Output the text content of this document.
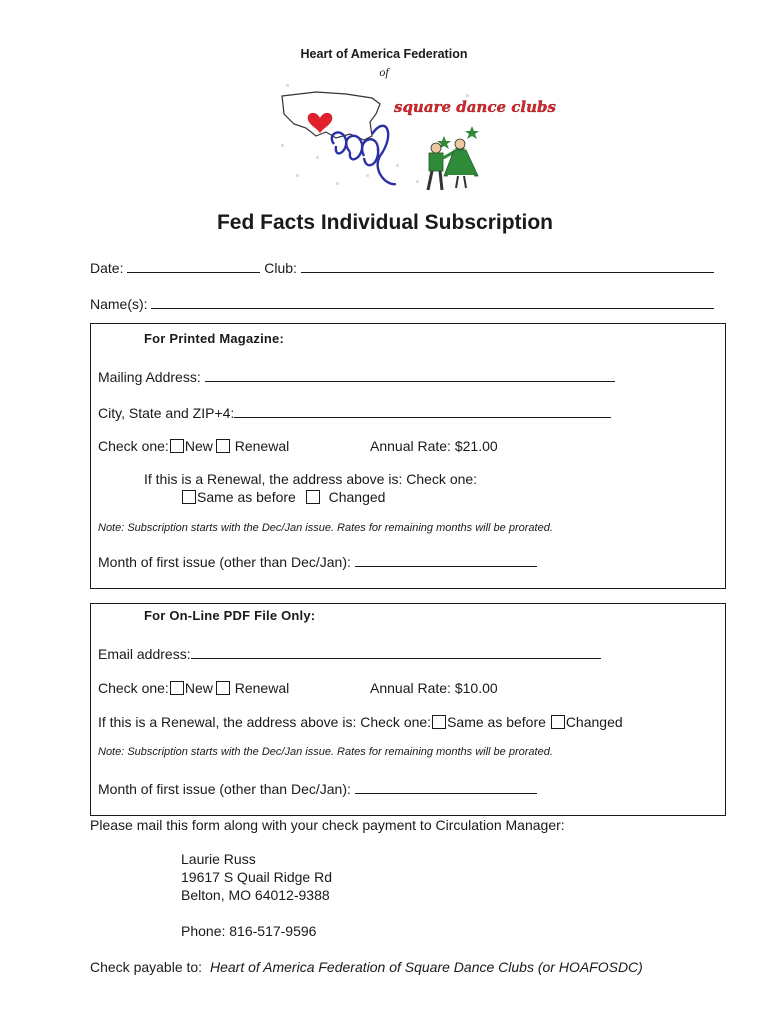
square dance clubs
Heart of America Federation
of
Fed Facts Individual Subscription
Date:	Club:
Name(s):
For Printed Magazine:
Mailing Address:
City, State and ZIP+4:
Check one: New Renewal	Annual Rate: $21.00
If this is a Renewal, the address above is: Check one:
Same as before Changed
Note: Subscription starts with the Dec/Jan issue. Rates for remaining months will be prorated.
Month of first issue (other than Dec/Jan):
For On-Line PDF File Only:
Email address:
Check one: New Renewal	Annual Rate: $10.00
If this is a Renewal, the address above is: Check one: Same as before Changed
Note: Subscription starts with the Dec/Jan issue. Rates for remaining months will be prorated.
Month of first issue (other than Dec/Jan):
Please mail this form along with your check payment to Circulation Manager:
Laurie Russ
19617 S Quail Ridge Rd
Belton, MO 64012-9388
Phone: 816-517-9596
Check payable to: Heart of America Federation of Square Dance Clubs (or HOAFOSDC)
